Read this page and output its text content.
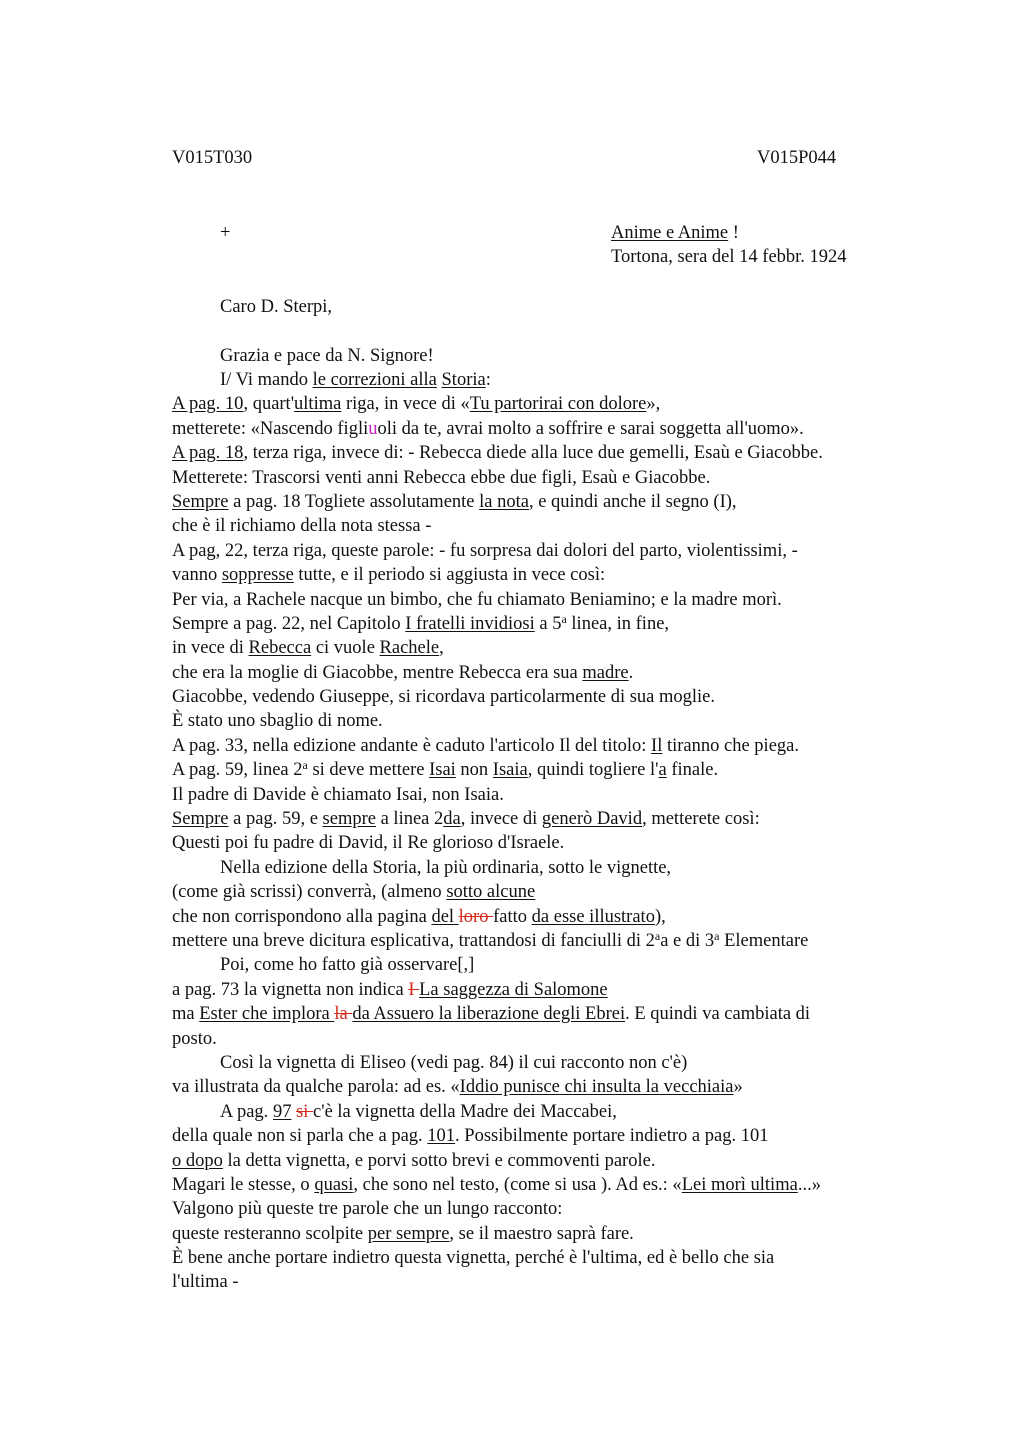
V015T030	V015P044
+	Anime e Anime !
Tortona, sera del 14 febbr. 1924
Caro D. Sterpi,
Grazia e pace da N. Signore!
I/ Vi mando le correzioni alla Storia:
A pag. 10, quart'ultima riga, in vece di «Tu partorirai con dolore»,
metterete: «Nascendo figliuoli da te, avrai molto a soffrire e sarai soggetta all'uomo».
A pag. 18, terza riga, invece di: - Rebecca diede alla luce due gemelli, Esaù e Giacobbe.
Metterete: Trascorsi venti anni Rebecca ebbe due figli, Esaù e Giacobbe.
Sempre a pag. 18 Togliete assolutamente la nota, e quindi anche il segno (I),
che è il richiamo della nota stessa -
A pag, 22, terza riga, queste parole: - fu sorpresa dai dolori del parto, violentissimi, -
vanno soppresse tutte, e il periodo si aggiusta in vece così:
Per via, a Rachele nacque un bimbo, che fu chiamato Beniamino; e la madre morì.
Sempre a pag. 22, nel Capitolo I fratelli invidiosi a 5$^a$ linea, in fine,
in vece di Rebecca ci vuole Rachele,
che era la moglie di Giacobbe, mentre Rebecca era sua madre.
Giacobbe, vedendo Giuseppe, si ricordava particolarmente di sua moglie.
È stato uno sbaglio di nome.
A pag. 33, nella edizione andante è caduto l'articolo Il del titolo: Il tiranno che piega.
A pag. 59, linea 2$^a$ si deve mettere Isai non Isaia, quindi togliere l'a finale.
Il padre di Davide è chiamato Isai, non Isaia.
Sempre a pag. 59, e sempre a linea 2da, invece di generò David, metterete così:
Questi poi fu padre di David, il Re glorioso d'Israele.
Nella edizione della Storia, la più ordinaria, sotto le vignette,
(come già scrissi) converrà, (almeno sotto alcune
che non corrispondono alla pagina del loro fatto da esse illustrato),
mettere una breve dicitura esplicativa, trattandosi di fanciulli di 2$^a$a e di 3$^a$ Elementare
Poi, come ho fatto già osservare[,]
a pag. 73 la vignetta non indica I La saggezza di Salomone
ma Ester che implora la da Assuero la liberazione degli Ebrei. E quindi va cambiata di
posto.
Così la vignetta di Eliseo (vedi pag. 84) il cui racconto non c'è)
va illustrata da qualche parola: ad es. «Iddio punisce chi insulta la vecchiaia»
A pag. 97 si c'è la vignetta della Madre dei Maccabei,
della quale non si parla che a pag. 101. Possibilmente portare indietro a pag. 101
o dopo la detta vignetta, e porvi sotto brevi e commoventi parole.
Magari le stesse, o quasi, che sono nel testo, (come si usa ). Ad es.: «Lei morì ultima...»
Valgono più queste tre parole che un lungo racconto:
queste resteranno scolpite per sempre, se il maestro saprà fare.
È bene anche portare indietro questa vignetta, perché è l'ultima, ed è bello che sia
l'ultima -
